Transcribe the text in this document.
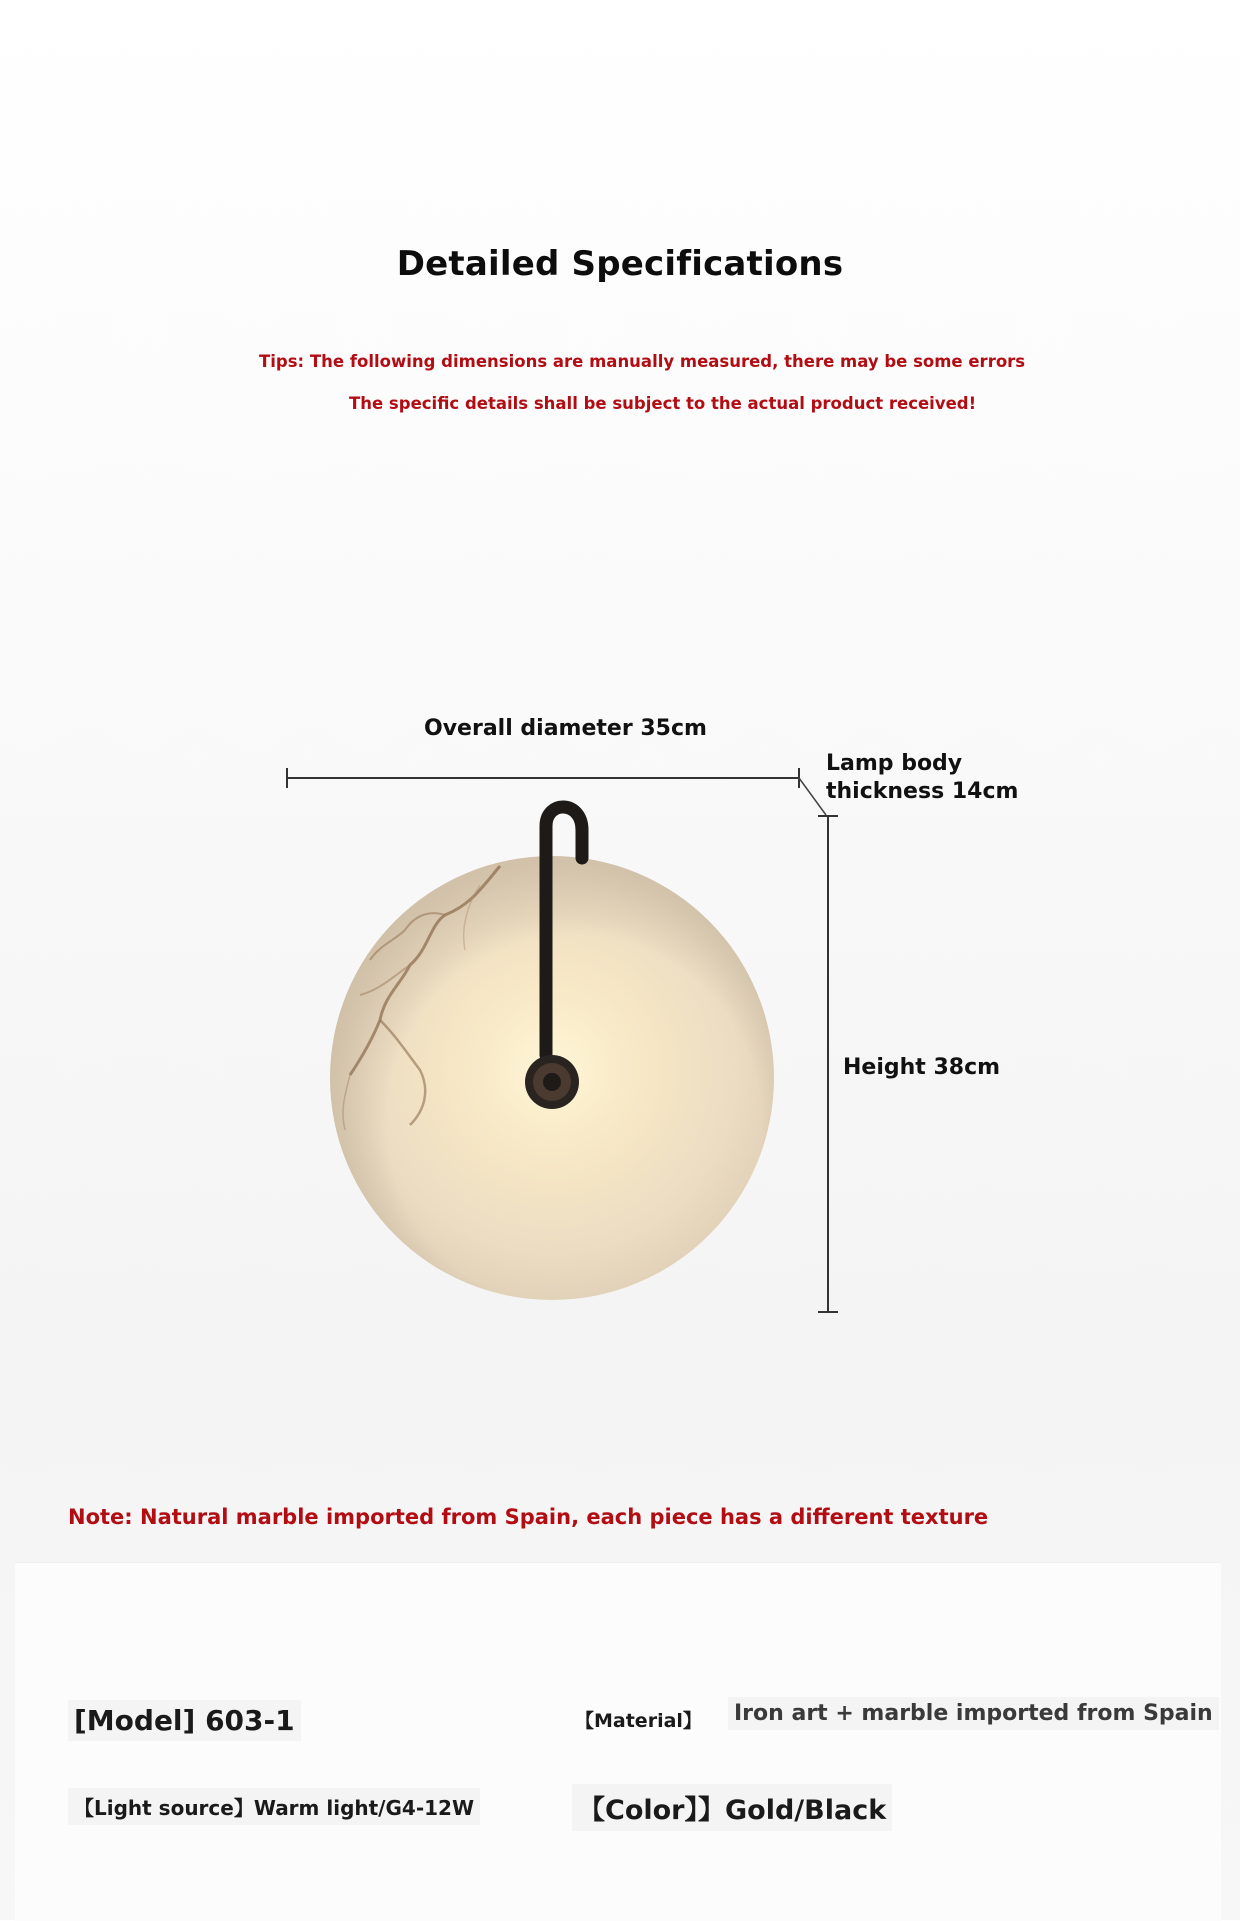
Detailed Specifications
Tips: The following dimensions are manually measured, there may be some errors
The specific details shall be subject to the actual product received!
Overall diameter 35cm
Lamp body
thickness 14cm
Height 38cm
Note: Natural marble imported from Spain, each piece has a different texture
[Model] 603-1	【Material】 Iron art + marble imported from Spain
【Light source】Warm light/G4-12W	【Color】】Gold/Black
